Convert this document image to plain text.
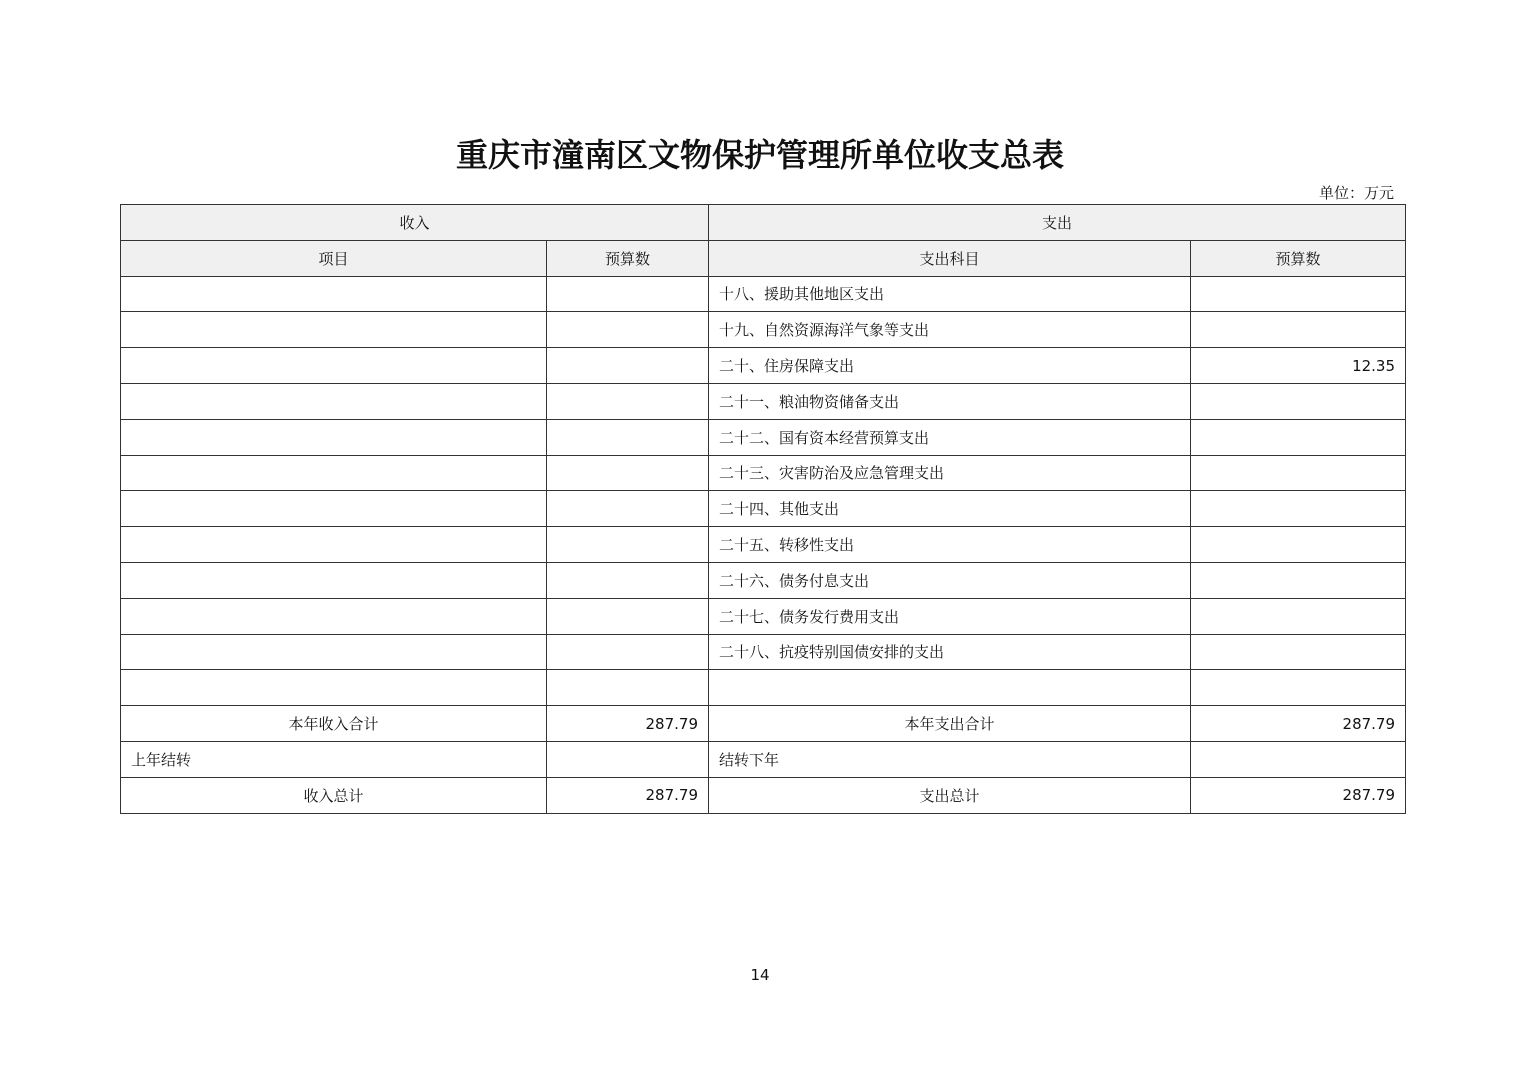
重庆市潼南区文物保护管理所单位收支总表
单位：万元
收入		支出	
项目	预算数	支出科目	预算数
		十八、援助其他地区支出	
		十九、自然资源海洋气象等支出	
		二十、住房保障支出	12.35
		二十一、粮油物资储备支出	
		二十二、国有资本经营预算支出	
		二十三、灾害防治及应急管理支出	
		二十四、其他支出	
		二十五、转移性支出	
		二十六、债务付息支出	
		二十七、债务发行费用支出	
		二十八、抗疫特别国债安排的支出	

本年收入合计	287.79	本年支出合计	287.79
上年结转		结转下年	
收入总计	287.79	支出总计	287.79
14
